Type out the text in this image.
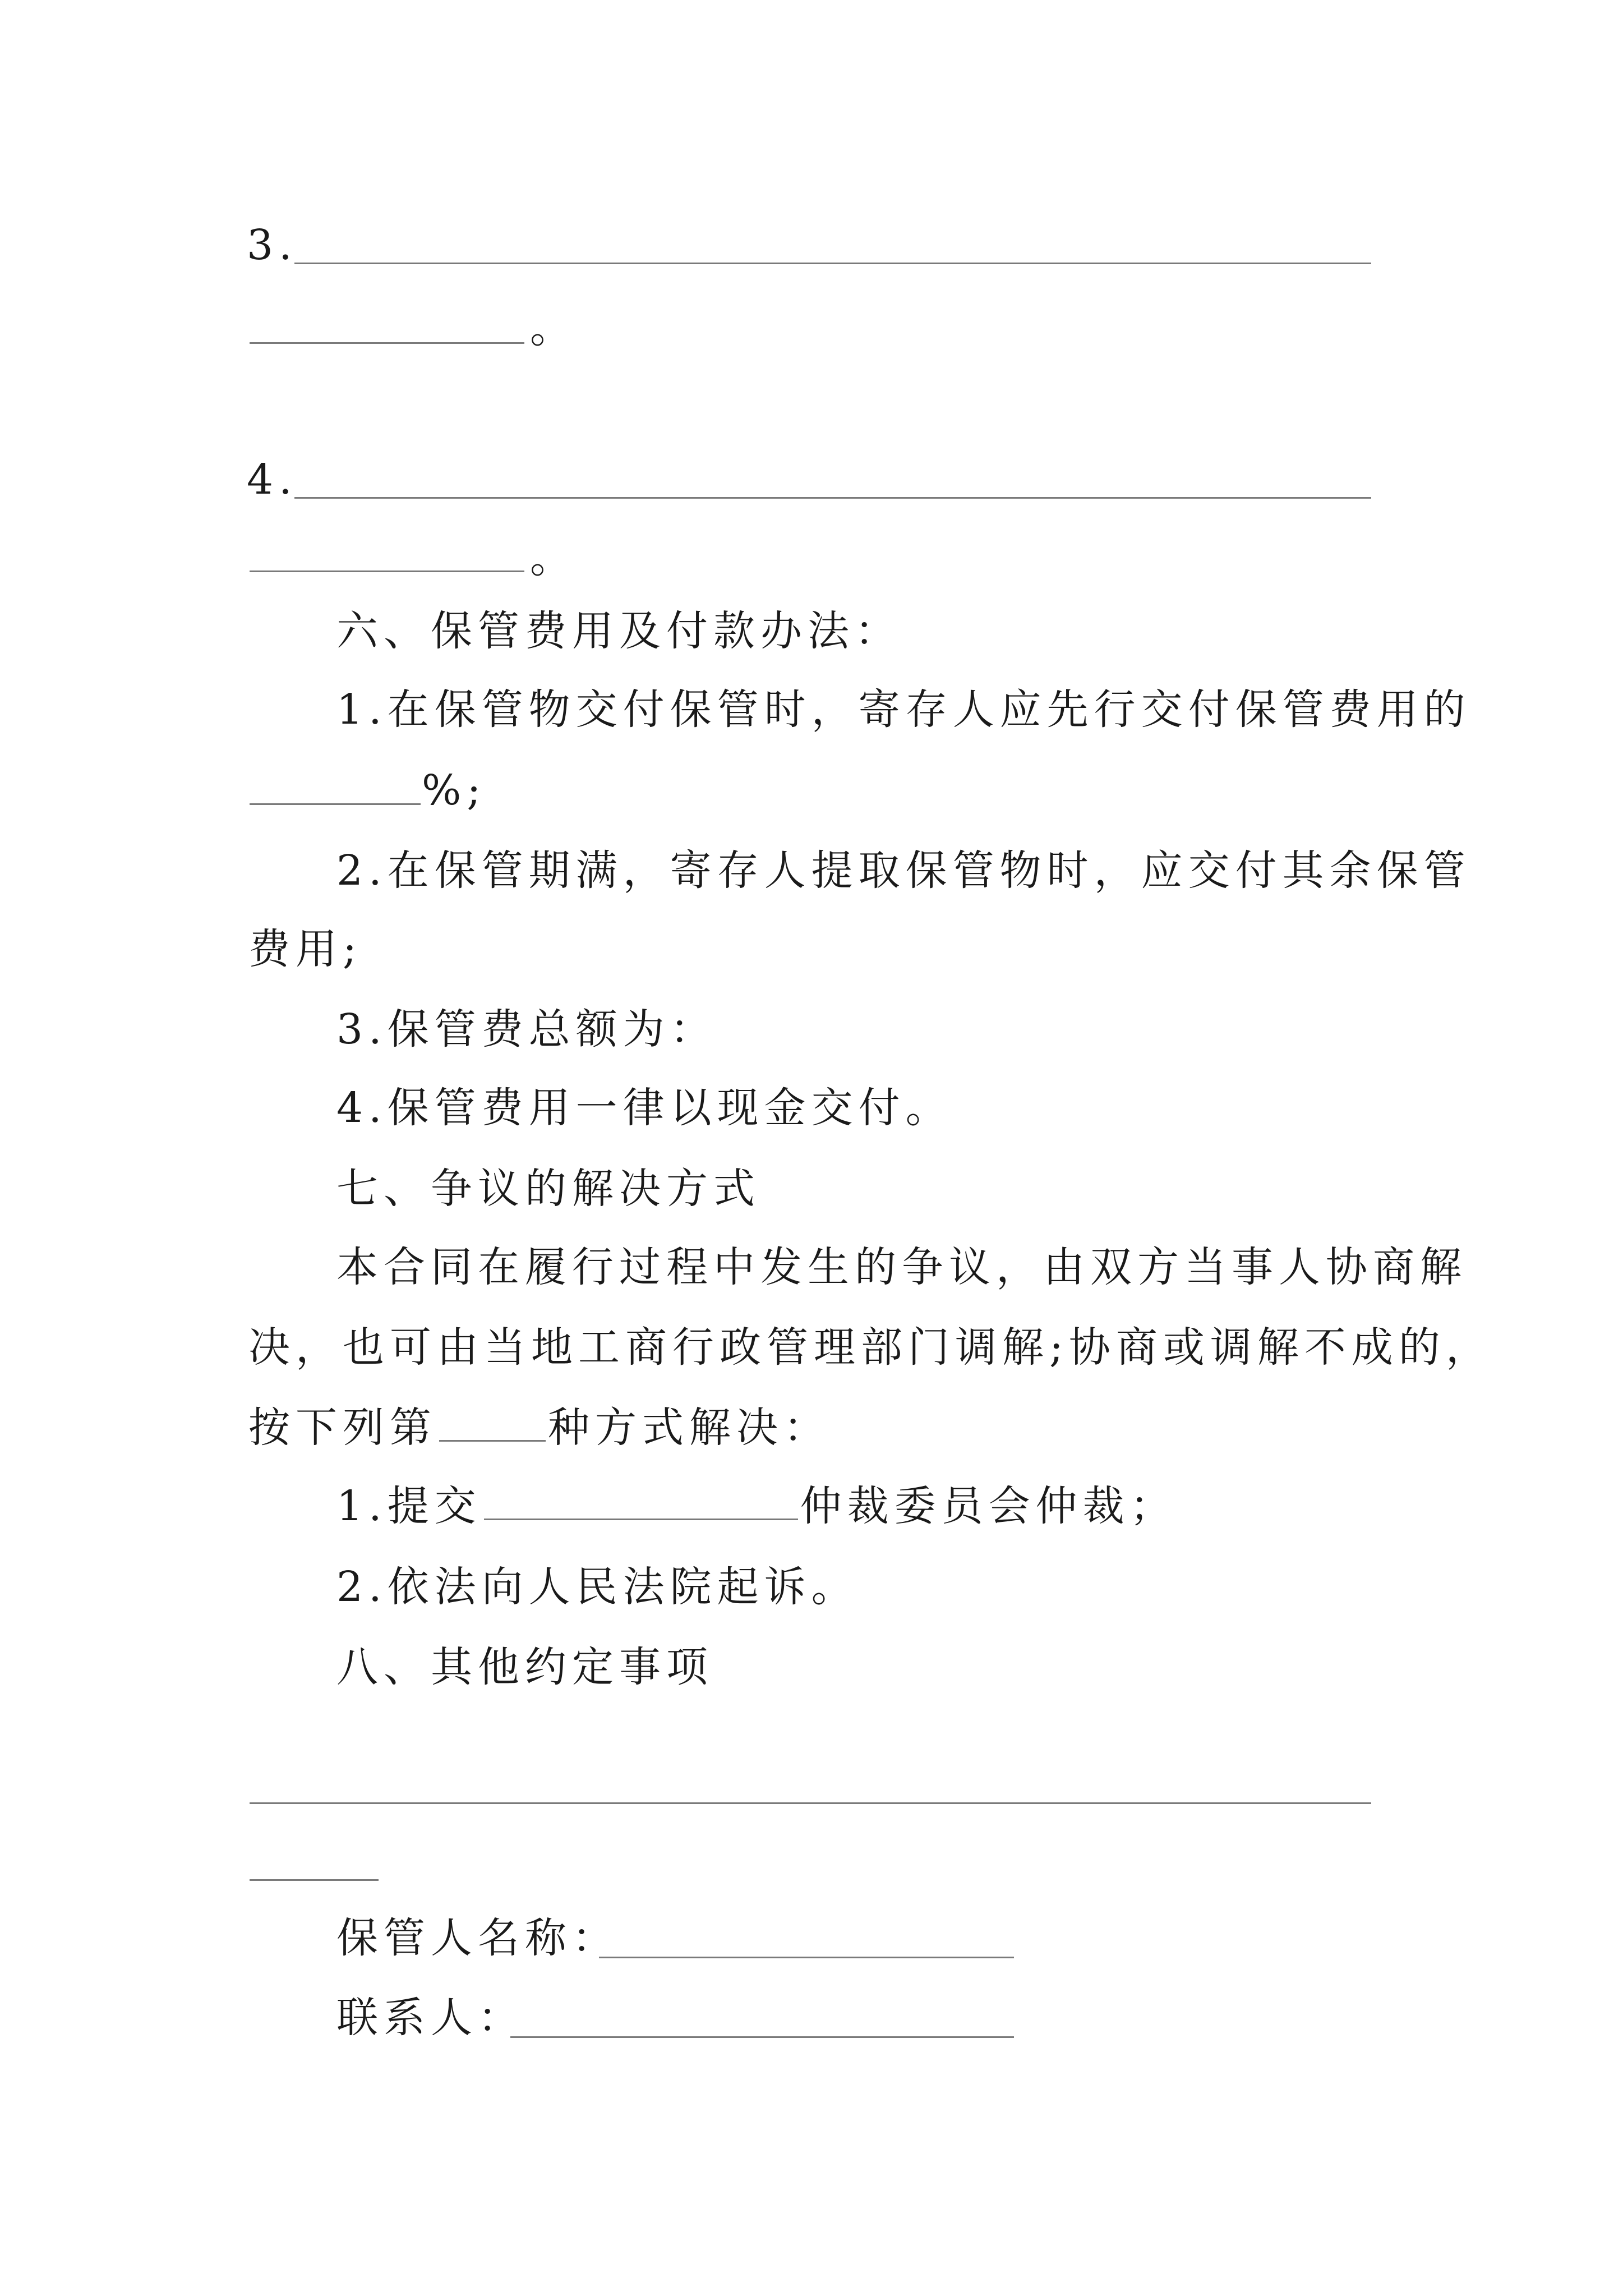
3.
。
4.
。
六、保管费用及付款办法：
1.在保管物交付保管时，寄存人应先行交付保管费用的
%;
2.在保管期满，寄存人提取保管物时，应交付其余保管
费用;
3.保管费总额为：
4.保管费用一律以现金交付。
七、争议的解决方式
本合同在履行过程中发生的争议，由双方当事人协商解
决，也可由当地工商行政管理部门调解;协商或调解不成的，
按下列第	种方式解决：
1.提交	仲裁委员会仲裁；
2.依法向人民法院起诉。
八、其他约定事项
保管人名称：
联系人：
